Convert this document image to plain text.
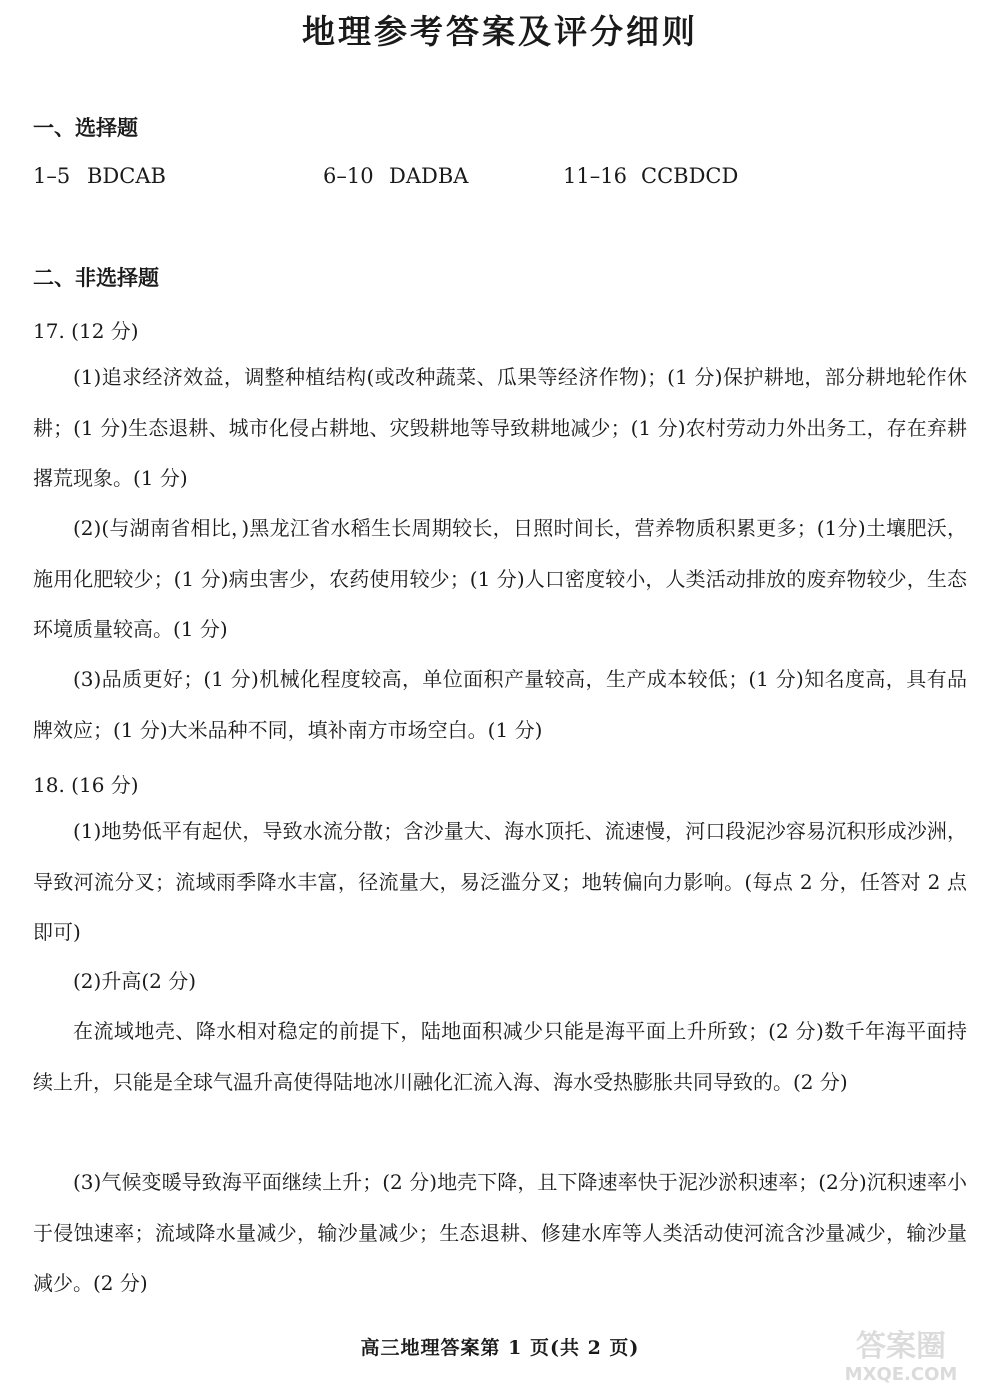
地理参考答案及评分细则
一、选择题
1–5 BDCAB	6–10 DADBA	11–16 CCBDCD
二、非选择题
17. (12 分)
(1)追求经济效益，调整种植结构(或改种蔬菜、瓜果等经济作物)；(1 分)保护耕地，部分耕地轮作休耕；(1 分)生态退耕、城市化侵占耕地、灾毁耕地等导致耕地减少；(1 分)农村劳动力外出务工，存在弃耕撂荒现象。(1 分)
(2)(与湖南省相比，)黑龙江省水稻生长周期较长，日照时间长，营养物质积累更多；(1分)土壤肥沃，施用化肥较少；(1 分)病虫害少，农药使用较少；(1 分)人口密度较小，人类活动排放的废弃物较少，生态环境质量较高。(1 分)
(3)品质更好；(1 分)机械化程度较高，单位面积产量较高，生产成本较低；(1 分)知名度高，具有品牌效应；(1 分)大米品种不同，填补南方市场空白。(1 分)
18. (16 分)
(1)地势低平有起伏，导致水流分散；含沙量大、海水顶托、流速慢，河口段泥沙容易沉积形成沙洲，导致河流分叉；流域雨季降水丰富，径流量大，易泛滥分叉；地转偏向力影响。(每点 2 分，任答对 2 点即可)
(2)升高(2 分)
在流域地壳、降水相对稳定的前提下，陆地面积减少只能是海平面上升所致；(2 分)数千年海平面持续上升，只能是全球气温升高使得陆地冰川融化汇流入海、海水受热膨胀共同导致的。(2 分)
(3)气候变暖导致海平面继续上升；(2 分)地壳下降，且下降速率快于泥沙淤积速率；(2分)沉积速率小于侵蚀速率；流域降水量减少，输沙量减少；生态退耕、修建水库等人类活动使河流含沙量减少，输沙量减少。(2 分)
高三地理答案第 1 页(共 2 页)	答案圈
MXQE.COM
